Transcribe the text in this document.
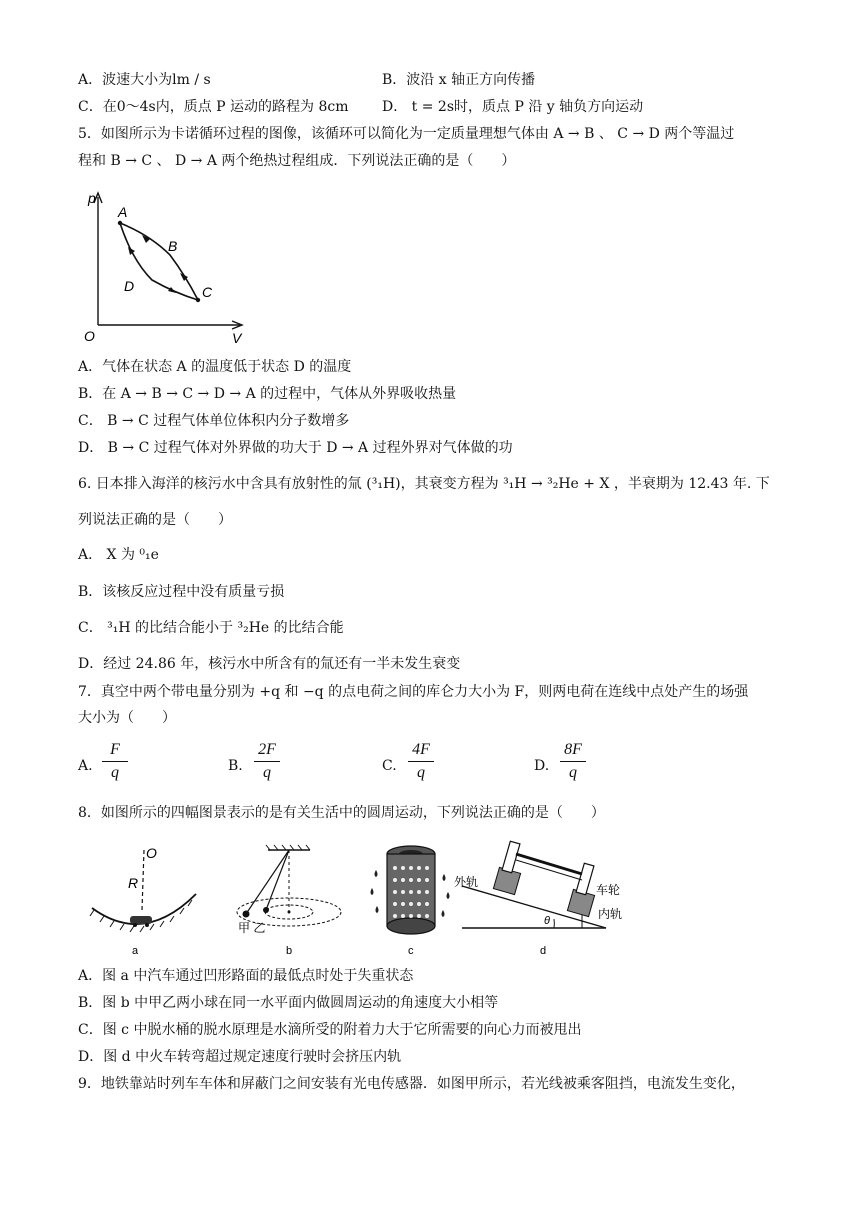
A．波速大小为lm / s	B．波沿 x 轴正方向传播
C．在0～4s内，质点 P 运动的路程为 8cm D． t = 2s时，质点 P 沿 y 轴负方向运动
5．如图所示为卡诺循环过程的图像，该循环可以简化为一定质量理想气体由 A → B 、 C → D 两个等温过
程和 B → C 、 D → A 两个绝热过程组成．下列说法正确的是（　　）
p
V
O
A
B
C
D
A．气体在状态 A 的温度低于状态 D 的温度
B．在 A → B → C → D → A 的过程中，气体从外界吸收热量
C． B → C 过程气体单位体积内分子数增多
D． B → C 过程气体对外界做的功大于 D → A 过程外界对气体做的功
6. 日本排入海洋的核污水中含具有放射性的氚 (³₁H)，其衰变方程为 ³₁H → ³₂He + X ，半衰期为 12.43 年. 下
列说法正确的是（　　）
A． X 为 ⁰₁e
B．该核反应过程中没有质量亏损
C． ³₁H 的比结合能小于 ³₂He 的比结合能
D．经过 24.86 年，核污水中所含有的氚还有一半未发生衰变
7．真空中两个带电量分别为 +q 和 −q 的点电荷之间的库仑力大小为 F，则两电荷在连线中点处产生的场强
大小为（　　）
A.
F
q	B.
2F
q	C.
4F
q	D.
8F
q
8．如图所示的四幅图景表示的是有关生活中的圆周运动，下列说法正确的是（　　）
O
R
a
甲 乙
b	c
外轨
车轮
内轨
θ
d
A．图 a 中汽车通过凹形路面的最低点时处于失重状态
B．图 b 中甲乙两小球在同一水平面内做圆周运动的角速度大小相等
C．图 c 中脱水桶的脱水原理是水滴所受的附着力大于它所需要的向心力而被甩出
D．图 d 中火车转弯超过规定速度行驶时会挤压内轨
9．地铁靠站时列车车体和屏蔽门之间安装有光电传感器．如图甲所示，若光线被乘客阻挡，电流发生变化，
